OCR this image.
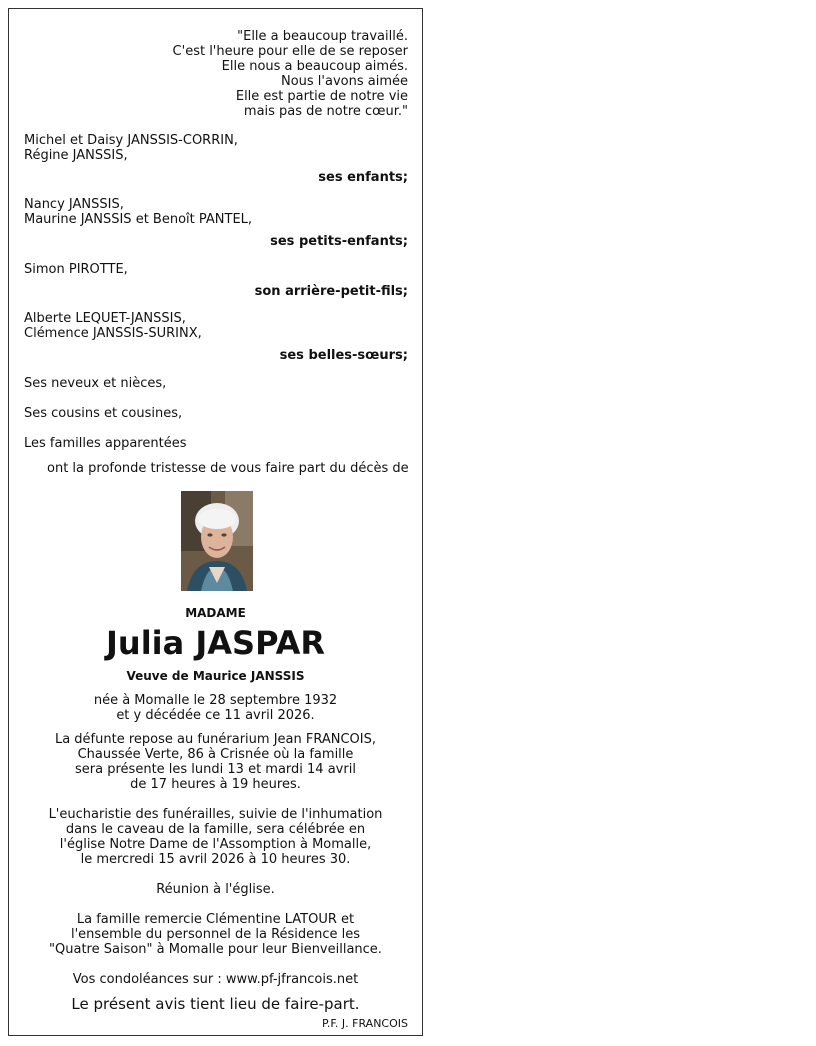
"Elle a beaucoup travaillé.
C'est l'heure pour elle de se reposer
Elle nous a beaucoup aimés.
Nous l'avons aimée
Elle est partie de notre vie
mais pas de notre cœur."
Michel et Daisy JANSSIS-CORRIN,
Régine JANSSIS,
ses enfants;
Nancy JANSSIS,
Maurine JANSSIS et Benoît PANTEL,
ses petits-enfants;
Simon PIROTTE,
son arrière-petit-fils;
Alberte LEQUET-JANSSIS,
Clémence JANSSIS-SURINX,
ses belles-sœurs;
Ses neveux et nièces,
Ses cousins et cousines,
Les familles apparentées
ont la profonde tristesse de vous faire part du décès de
MADAME
Julia JASPAR
Veuve de Maurice JANSSIS
née à Momalle le 28 septembre 1932
et y décédée ce 11 avril 2026.
La défunte repose au funérarium Jean FRANCOIS,
Chaussée Verte, 86 à Crisnée où la famille
sera présente les lundi 13 et mardi 14 avril
de 17 heures à 19 heures.
L'eucharistie des funérailles, suivie de l'inhumation
dans le caveau de la famille, sera célébrée en
l'église Notre Dame de l'Assomption à Momalle,
le mercredi 15 avril 2026 à 10 heures 30.
Réunion à l'église.
La famille remercie Clémentine LATOUR et
l'ensemble du personnel de la Résidence les
"Quatre Saison" à Momalle pour leur Bienveillance.
Vos condoléances sur : www.pf-jfrancois.net
Le présent avis tient lieu de faire-part.
P.F. J. FRANCOIS
